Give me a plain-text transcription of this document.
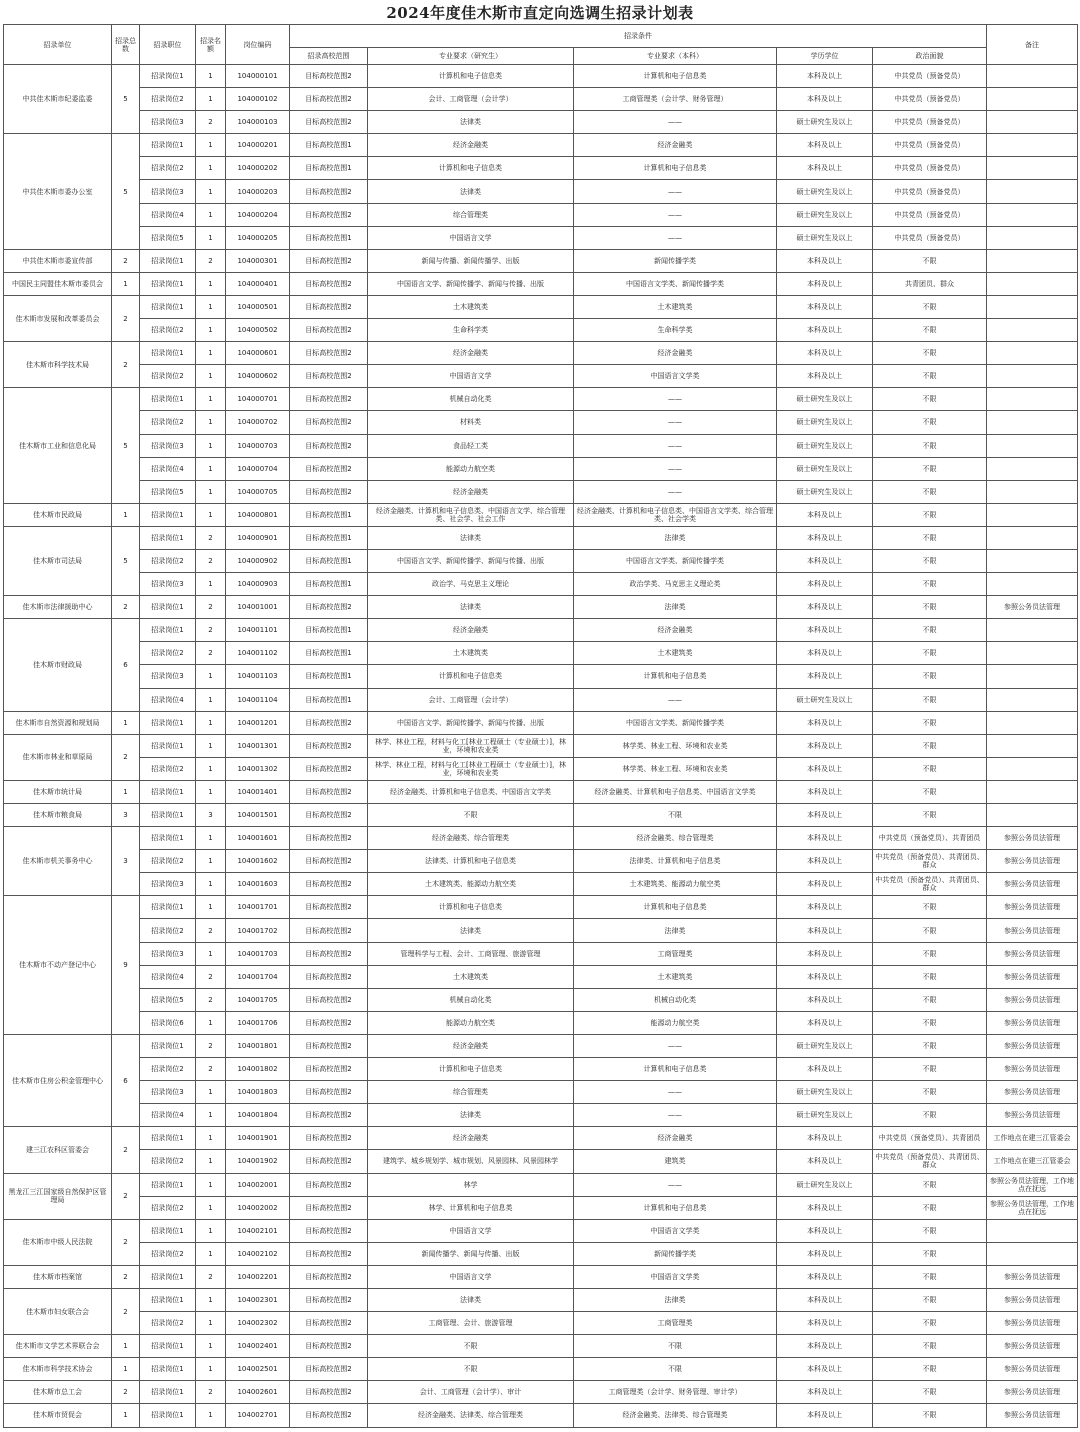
2024年度佳木斯市直定向选调生招录计划表
招录单位	招录总数	招录职位	招录名额	岗位编码	招录条件					备注
					招录高校范围	专业要求（研究生）	专业要求（本科）	学历学位	政治面貌	
中共佳木斯市纪委监委	5	招录岗位1	1	104000101	目标高校范围2	计算机和电子信息类	计算机和电子信息类	本科及以上	中共党员（预备党员）	
		招录岗位2	1	104000102	目标高校范围2	会计、工商管理（会计学）	工商管理类（会计学、财务管理）	本科及以上	中共党员（预备党员）	
		招录岗位3	2	104000103	目标高校范围2	法律类	——	硕士研究生及以上	中共党员（预备党员）	
中共佳木斯市委办公室	5	招录岗位1	1	104000201	目标高校范围1	经济金融类	经济金融类	本科及以上	中共党员（预备党员）	
		招录岗位2	1	104000202	目标高校范围1	计算机和电子信息类	计算机和电子信息类	本科及以上	中共党员（预备党员）	
		招录岗位3	1	104000203	目标高校范围2	法律类	——	硕士研究生及以上	中共党员（预备党员）	
		招录岗位4	1	104000204	目标高校范围2	综合管理类	——	硕士研究生及以上	中共党员（预备党员）	
		招录岗位5	1	104000205	目标高校范围1	中国语言文学	——	硕士研究生及以上	中共党员（预备党员）	
中共佳木斯市委宣传部	2	招录岗位1	2	104000301	目标高校范围2	新闻与传播、新闻传播学、出版	新闻传播学类	本科及以上	不限	
中国民主同盟佳木斯市委员会	1	招录岗位1	1	104000401	目标高校范围2	中国语言文学、新闻传播学、新闻与传播、出版	中国语言文学类、新闻传播学类	本科及以上	共青团员、群众	
佳木斯市发展和改革委员会	2	招录岗位1	1	104000501	目标高校范围2	土木建筑类	土木建筑类	本科及以上	不限	
		招录岗位2	1	104000502	目标高校范围2	生命科学类	生命科学类	本科及以上	不限	
佳木斯市科学技术局	2	招录岗位1	1	104000601	目标高校范围2	经济金融类	经济金融类	本科及以上	不限	
		招录岗位2	1	104000602	目标高校范围2	中国语言文学	中国语言文学类	本科及以上	不限	
佳木斯市工业和信息化局	5	招录岗位1	1	104000701	目标高校范围2	机械自动化类	——	硕士研究生及以上	不限	
		招录岗位2	1	104000702	目标高校范围2	材料类	——	硕士研究生及以上	不限	
		招录岗位3	1	104000703	目标高校范围2	食品轻工类	——	硕士研究生及以上	不限	
		招录岗位4	1	104000704	目标高校范围2	能源动力航空类	——	硕士研究生及以上	不限	
		招录岗位5	1	104000705	目标高校范围2	经济金融类	——	硕士研究生及以上	不限	
佳木斯市民政局	1	招录岗位1	1	104000801	目标高校范围1	经济金融类、计算机和电子信息类、中国语言文学、综合管理类、社会学、社会工作	经济金融类、计算机和电子信息类、中国语言文学类、综合管理类、社会学类	本科及以上	不限	
佳木斯市司法局	5	招录岗位1	2	104000901	目标高校范围1	法律类	法律类	本科及以上	不限	
		招录岗位2	2	104000902	目标高校范围1	中国语言文学、新闻传播学、新闻与传播、出版	中国语言文学类、新闻传播学类	本科及以上	不限	
		招录岗位3	1	104000903	目标高校范围1	政治学、马克思主义理论	政治学类、马克思主义理论类	本科及以上	不限	
佳木斯市法律援助中心	2	招录岗位1	2	104001001	目标高校范围2	法律类	法律类	本科及以上	不限	参照公务员法管理
佳木斯市财政局	6	招录岗位1	2	104001101	目标高校范围1	经济金融类	经济金融类	本科及以上	不限	
		招录岗位2	2	104001102	目标高校范围1	土木建筑类	土木建筑类	本科及以上	不限	
		招录岗位3	1	104001103	目标高校范围1	计算机和电子信息类	计算机和电子信息类	本科及以上	不限	
		招录岗位4	1	104001104	目标高校范围1	会计、工商管理（会计学）	——	硕士研究生及以上	不限	
佳木斯市自然资源和规划局	1	招录岗位1	1	104001201	目标高校范围2	中国语言文学、新闻传播学、新闻与传播、出版	中国语言文学类、新闻传播学类	本科及以上	不限	
佳木斯市林业和草原局	2	招录岗位1	1	104001301	目标高校范围2	林学、林业工程，材料与化工[林业工程硕士（专业硕士）]，林业，环境和农业类	林学类、林业工程、环境和农业类	本科及以上	不限	
		招录岗位2	1	104001302	目标高校范围2	林学、林业工程，材料与化工[林业工程硕士（专业硕士）]，林业，环境和农业类	林学类、林业工程、环境和农业类	本科及以上	不限	
佳木斯市统计局	1	招录岗位1	1	104001401	目标高校范围2	经济金融类、计算机和电子信息类、中国语言文学类	经济金融类、计算机和电子信息类、中国语言文学类	本科及以上	不限	
佳木斯市粮食局	3	招录岗位1	3	104001501	目标高校范围2	不限	不限	本科及以上	不限	
佳木斯市机关事务中心	3	招录岗位1	1	104001601	目标高校范围2	经济金融类、综合管理类	经济金融类、综合管理类	本科及以上	中共党员（预备党员）、共青团员	参照公务员法管理
		招录岗位2	1	104001602	目标高校范围2	法律类、计算机和电子信息类	法律类、计算机和电子信息类	本科及以上	中共党员（预备党员）、共青团员、群众	参照公务员法管理
		招录岗位3	1	104001603	目标高校范围2	土木建筑类、能源动力航空类	土木建筑类、能源动力航空类	本科及以上	中共党员（预备党员）、共青团员、群众	参照公务员法管理
佳木斯市不动产登记中心	9	招录岗位1	1	104001701	目标高校范围2	计算机和电子信息类	计算机和电子信息类	本科及以上	不限	参照公务员法管理
		招录岗位2	2	104001702	目标高校范围2	法律类	法律类	本科及以上	不限	参照公务员法管理
		招录岗位3	1	104001703	目标高校范围2	管理科学与工程、会计、工商管理、旅游管理	工商管理类	本科及以上	不限	参照公务员法管理
		招录岗位4	2	104001704	目标高校范围2	土木建筑类	土木建筑类	本科及以上	不限	参照公务员法管理
		招录岗位5	2	104001705	目标高校范围2	机械自动化类	机械自动化类	本科及以上	不限	参照公务员法管理
		招录岗位6	1	104001706	目标高校范围2	能源动力航空类	能源动力航空类	本科及以上	不限	参照公务员法管理
佳木斯市住房公积金管理中心	6	招录岗位1	2	104001801	目标高校范围2	经济金融类	——	硕士研究生及以上	不限	参照公务员法管理
		招录岗位2	2	104001802	目标高校范围2	计算机和电子信息类	计算机和电子信息类	本科及以上	不限	参照公务员法管理
		招录岗位3	1	104001803	目标高校范围2	综合管理类	——	硕士研究生及以上	不限	参照公务员法管理
		招录岗位4	1	104001804	目标高校范围2	法律类	——	硕士研究生及以上	不限	参照公务员法管理
建三江农科区管委会	2	招录岗位1	1	104001901	目标高校范围2	经济金融类	经济金融类	本科及以上	中共党员（预备党员）、共青团员	工作地点在建三江管委会
		招录岗位2	1	104001902	目标高校范围2	建筑学、城乡规划学、城市规划、风景园林、风景园林学	建筑类	本科及以上	中共党员（预备党员）、共青团员、群众	工作地点在建三江管委会
黑龙江三江国家级自然保护区管理局	2	招录岗位1	1	104002001	目标高校范围2	林学	——	硕士研究生及以上	不限	参照公务员法管理，工作地点在抚远
		招录岗位2	1	104002002	目标高校范围2	林学、计算机和电子信息类	计算机和电子信息类	本科及以上	不限	参照公务员法管理，工作地点在抚远
佳木斯市中级人民法院	2	招录岗位1	1	104002101	目标高校范围2	中国语言文学	中国语言文学类	本科及以上	不限	
		招录岗位2	1	104002102	目标高校范围2	新闻传播学、新闻与传播、出版	新闻传播学类	本科及以上	不限	
佳木斯市档案馆	2	招录岗位1	2	104002201	目标高校范围2	中国语言文学	中国语言文学类	本科及以上	不限	参照公务员法管理
佳木斯市妇女联合会	2	招录岗位1	1	104002301	目标高校范围2	法律类	法律类	本科及以上	不限	参照公务员法管理
		招录岗位2	1	104002302	目标高校范围2	工商管理、会计、旅游管理	工商管理类	本科及以上	不限	参照公务员法管理
佳木斯市文学艺术界联合会	1	招录岗位1	1	104002401	目标高校范围2	不限	不限	本科及以上	不限	参照公务员法管理
佳木斯市科学技术协会	1	招录岗位1	1	104002501	目标高校范围2	不限	不限	本科及以上	不限	参照公务员法管理
佳木斯市总工会	2	招录岗位1	2	104002601	目标高校范围2	会计、工商管理（会计学）、审计	工商管理类（会计学、财务管理、审计学）	本科及以上	不限	参照公务员法管理
佳木斯市贸促会	1	招录岗位1	1	104002701	目标高校范围2	经济金融类、法律类、综合管理类	经济金融类、法律类、综合管理类	本科及以上	不限	参照公务员法管理
